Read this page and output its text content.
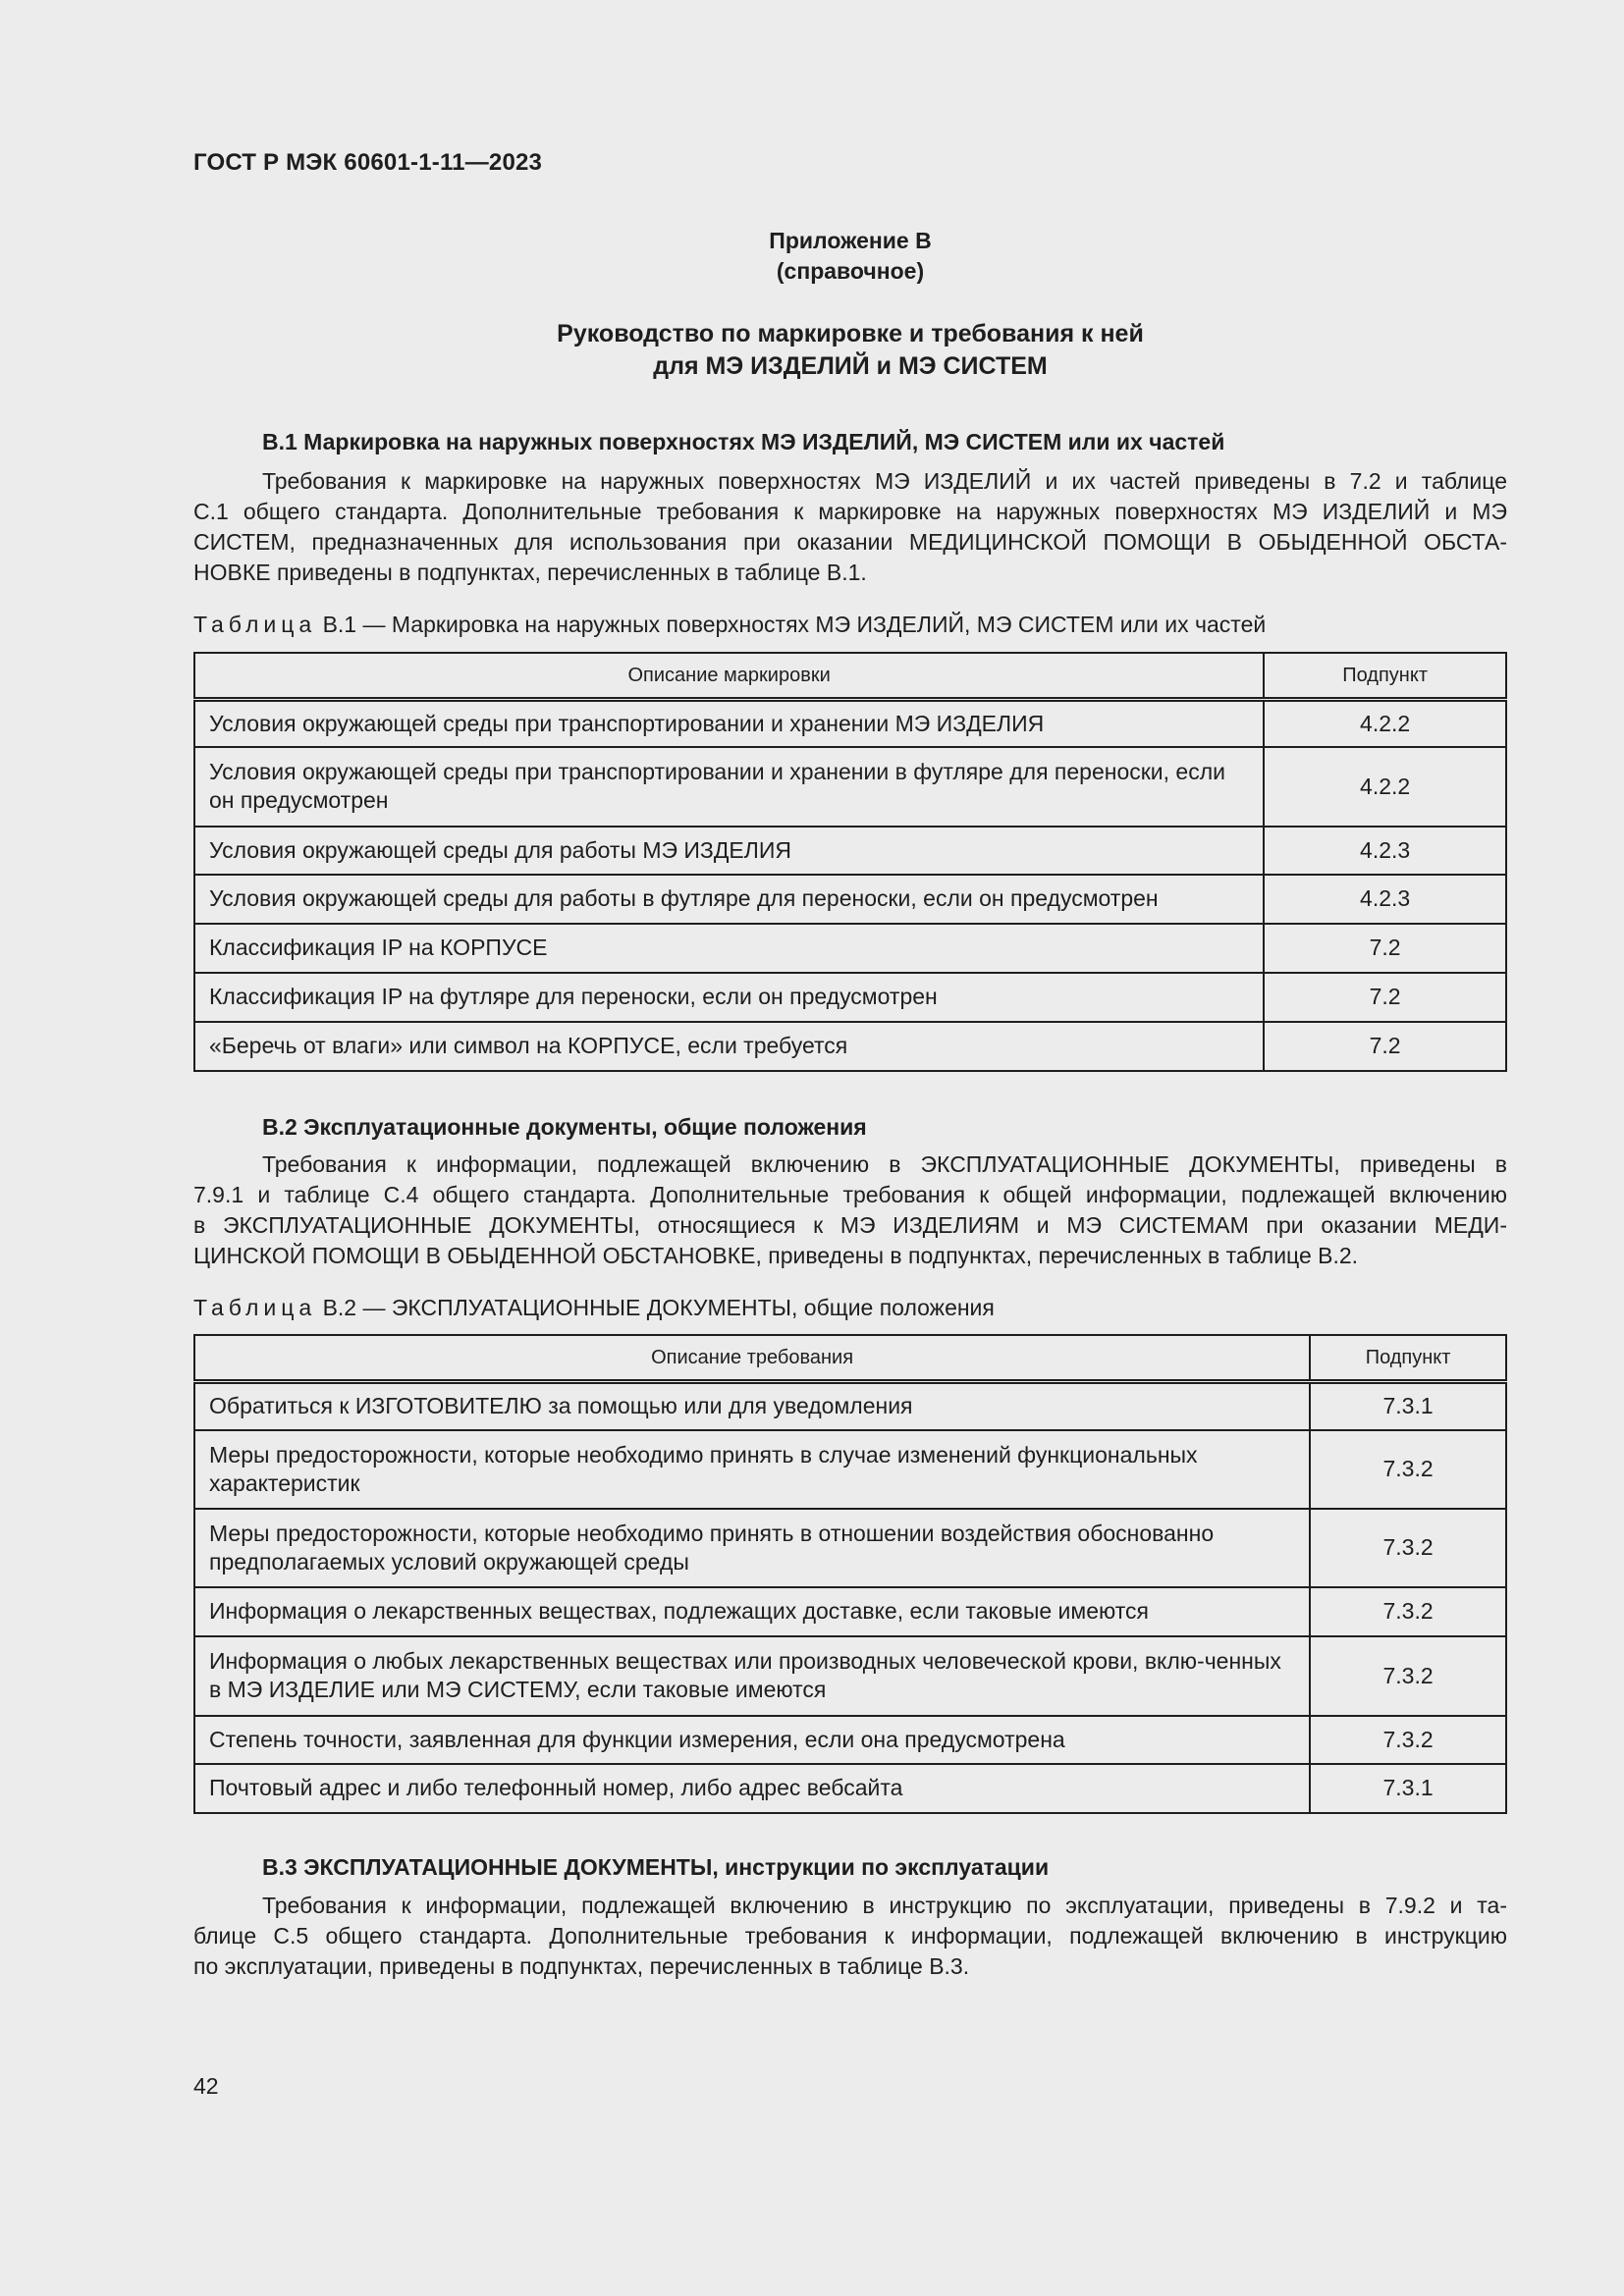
ГОСТ Р МЭК 60601-1-11—2023
Приложение В
(справочное)
Руководство по маркировке и требования к ней
для МЭ ИЗДЕЛИЙ и МЭ СИСТЕМ
В.1 Маркировка на наружных поверхностях МЭ ИЗДЕЛИЙ, МЭ СИСТЕМ или их частей
Требования к маркировке на наружных поверхностях МЭ ИЗДЕЛИЙ и их частей приведены в 7.2 и таблице
С.1 общего стандарта. Дополнительные требования к маркировке на наружных поверхностях МЭ ИЗДЕЛИЙ и МЭ
СИСТЕМ, предназначенных для использования при оказании МЕДИЦИНСКОЙ ПОМОЩИ В ОБЫДЕННОЙ ОБСТА-
НОВКЕ приведены в подпунктах, перечисленных в таблице В.1.
Таблица В.1 — Маркировка на наружных поверхностях МЭ ИЗДЕЛИЙ, МЭ СИСТЕМ или их частей
Описание маркировки	Подпункт
Условия окружающей среды при транспортировании и хранении МЭ ИЗДЕЛИЯ	4.2.2
Условия окружающей среды при транспортировании и хранении в футляре для переноски, если он предусмотрен	4.2.2
Условия окружающей среды для работы МЭ ИЗДЕЛИЯ	4.2.3
Условия окружающей среды для работы в футляре для переноски, если он предусмотрен	4.2.3
Классификация IP на КОРПУСЕ	7.2
Классификация IP на футляре для переноски, если он предусмотрен	7.2
«Беречь от влаги» или символ на КОРПУСЕ, если требуется	7.2
В.2 Эксплуатационные документы, общие положения
Требования к информации, подлежащей включению в ЭКСПЛУАТАЦИОННЫЕ ДОКУМЕНТЫ, приведены в
7.9.1 и таблице С.4 общего стандарта. Дополнительные требования к общей информации, подлежащей включению
в ЭКСПЛУАТАЦИОННЫЕ ДОКУМЕНТЫ, относящиеся к МЭ ИЗДЕЛИЯМ и МЭ СИСТЕМАМ при оказании МЕДИ-
ЦИНСКОЙ ПОМОЩИ В ОБЫДЕННОЙ ОБСТАНОВКЕ, приведены в подпунктах, перечисленных в таблице В.2.
Таблица В.2 — ЭКСПЛУАТАЦИОННЫЕ ДОКУМЕНТЫ, общие положения
Описание требования	Подпункт
Обратиться к ИЗГОТОВИТЕЛЮ за помощью или для уведомления	7.3.1
Меры предосторожности, которые необходимо принять в случае изменений функциональных характеристик	7.3.2
Меры предосторожности, которые необходимо принять в отношении воздействия обоснованно предполагаемых условий окружающей среды	7.3.2
Информация о лекарственных веществах, подлежащих доставке, если таковые имеются	7.3.2
Информация о любых лекарственных веществах или производных человеческой крови, вклю-ченных в МЭ ИЗДЕЛИЕ или МЭ СИСТЕМУ, если таковые имеются	7.3.2
Степень точности, заявленная для функции измерения, если она предусмотрена	7.3.2
Почтовый адрес и либо телефонный номер, либо адрес вебсайта	7.3.1
В.3 ЭКСПЛУАТАЦИОННЫЕ ДОКУМЕНТЫ, инструкции по эксплуатации
Требования к информации, подлежащей включению в инструкцию по эксплуатации, приведены в 7.9.2 и та-
блице С.5 общего стандарта. Дополнительные требования к информации, подлежащей включению в инструкцию
по эксплуатации, приведены в подпунктах, перечисленных в таблице В.3.
42
